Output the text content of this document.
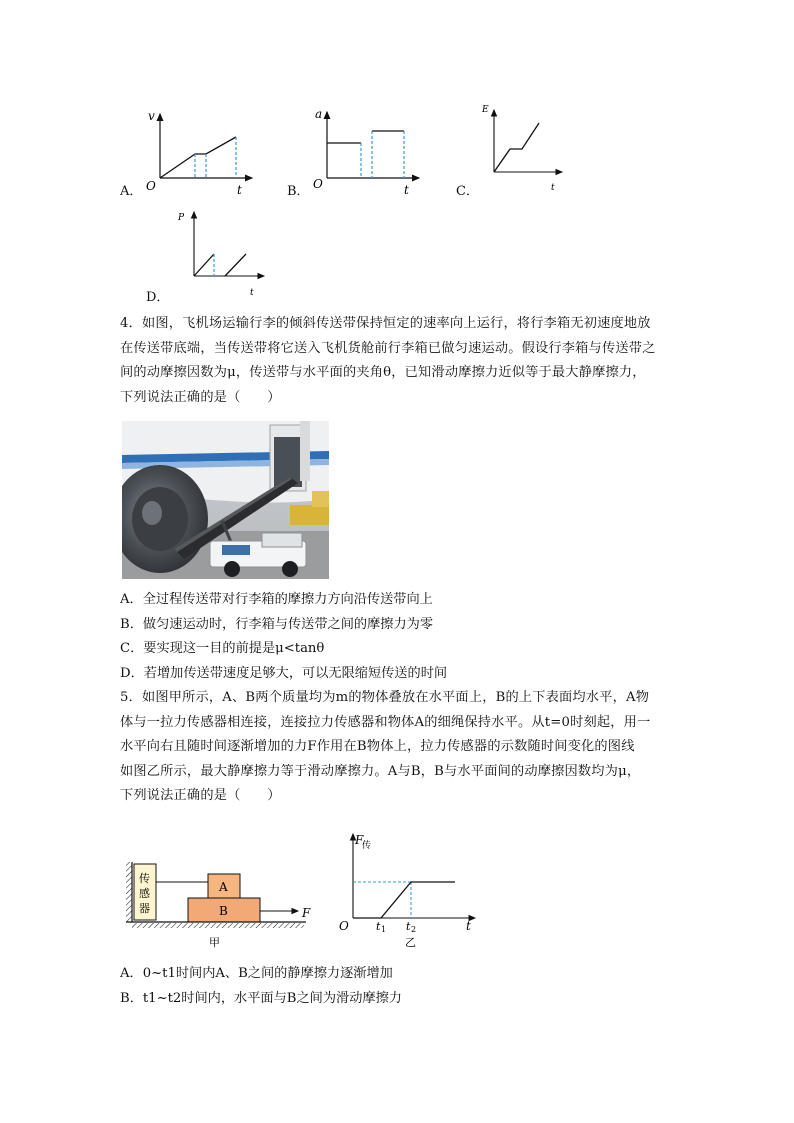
v
O	t
A．
a
O	t
B．
E
t
C．
P
t
D．

4．如图，飞机场运输行李的倾斜传送带保持恒定的速率向上运行，将行李箱无初速度地放

在传送带底端，当传送带将它送入飞机货舱前行李箱已做匀速运动。假设行李箱与传送带之

间的动摩擦因数为μ，传送带与水平面的夹角θ，已知滑动摩擦力近似等于最大静摩擦力，

下列说法正确的是（　　）

A．全过程传送带对行李箱的摩擦力方向沿传送带向上
B．做匀速运动时，行李箱与传送带之间的摩擦力为零
C．要实现这一目的前提是μ<tanθ
D．若增加传送带速度足够大，可以无限缩短传送的时间

5．如图甲所示，A、B两个质量均为m的物体叠放在水平面上，B的上下表面均水平，A物

体与一拉力传感器相连接，连接拉力传感器和物体A的细绳保持水平。从t=0时刻起，用一

水平向右且随时间逐渐增加的力F作用在B物体上，拉力传感器的示数随时间变化的图线

如图乙所示，最大静摩擦力等于滑动摩擦力。A与B，B与水平面间的动摩擦因数均为μ，

下列说法正确的是（　　）

传
感
器
A
B	F
甲
F
传
O t 1 t 2	t
乙
A．0~t1时间内A、B之间的静摩擦力逐渐增加
B．t1~t2时间内，水平面与B之间为滑动摩擦力
